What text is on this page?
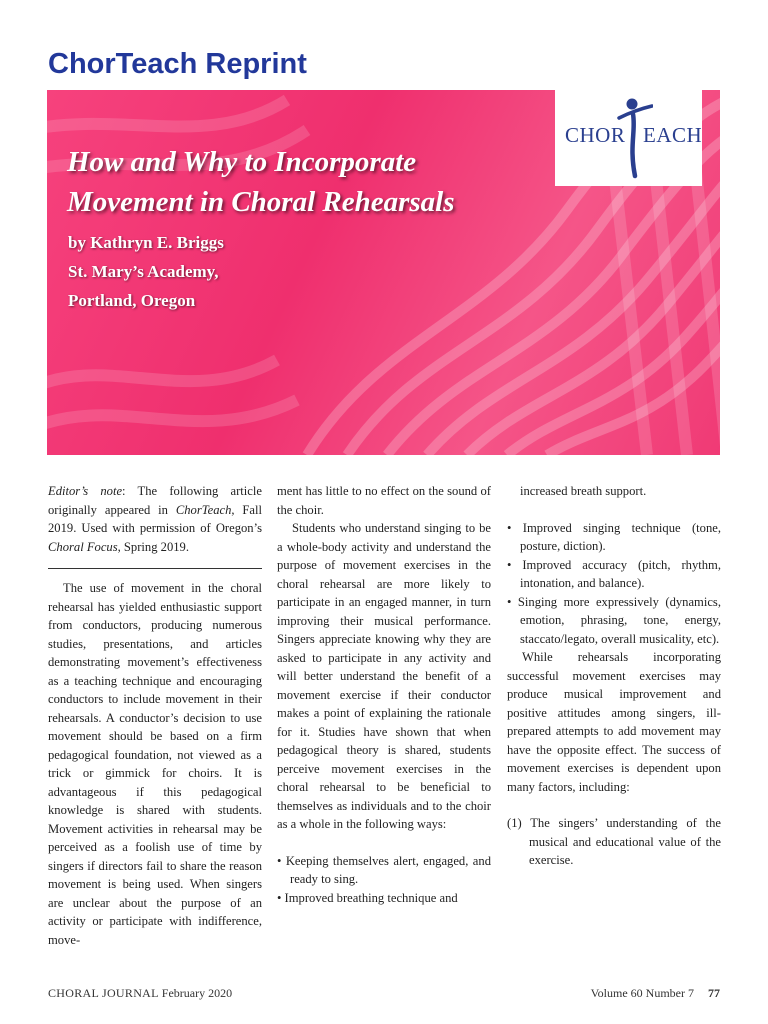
ChorTeach Reprint
CHOR EACH
How and Why to Incorporate
Movement in Choral Rehearsals
by Kathryn E. Briggs
St. Mary’s Academy,
Portland, Oregon

Editor’s note: The following article originally appeared in ChorTeach, Fall 2019. Used with permission of Oregon’s Choral Focus, Spring 2019.

The use of movement in the choral rehearsal has yielded enthusiastic support from conductors, producing numerous studies, presentations, and articles demonstrating movement’s effectiveness as a teaching technique and encouraging conductors to include movement in their rehearsals. A conductor’s decision to use movement should be based on a firm pedagogical foundation, not viewed as a trick or gimmick for choirs. It is advantageous if this pedagogical knowledge is shared with students. Movement activities in rehearsal may be perceived as a foolish use of time by singers if directors fail to share the reason movement is being used. When singers are unclear about the purpose of an activity or participate with indifference, move-

ment has little to no effect on the sound of the choir.

Students who understand singing to be a whole-body activity and understand the purpose of movement exercises in the choral rehearsal are more likely to participate in an engaged manner, in turn improving their musical performance. Singers appreciate knowing why they are asked to participate in any activity and will better understand the benefit of a movement exercise if their conductor makes a point of explaining the rationale for it. Studies have shown that when pedagogical theory is shared, students perceive movement exercises in the choral rehearsal to be beneficial to themselves as individuals and to the choir as a whole in the following ways:

• Keeping themselves alert, engaged, and ready to sing.

• Improved breathing technique and

increased breath support.

• Improved singing technique (tone, posture, diction).

• Improved accuracy (pitch, rhythm, intonation, and balance).

• Singing more expressively (dynamics, emotion, phrasing, tone, energy, staccato/legato, overall musicality, etc).

While rehearsals incorporating successful movement exercises may produce musical improvement and positive attitudes among singers, ill-prepared attempts to add movement may have the opposite effect. The success of movement exercises is dependent upon many factors, including:

(1) The singers’ understanding of the musical and educational value of the exercise.

CHORAL JOURNAL February 2020	Volume 60 Number 7 77
